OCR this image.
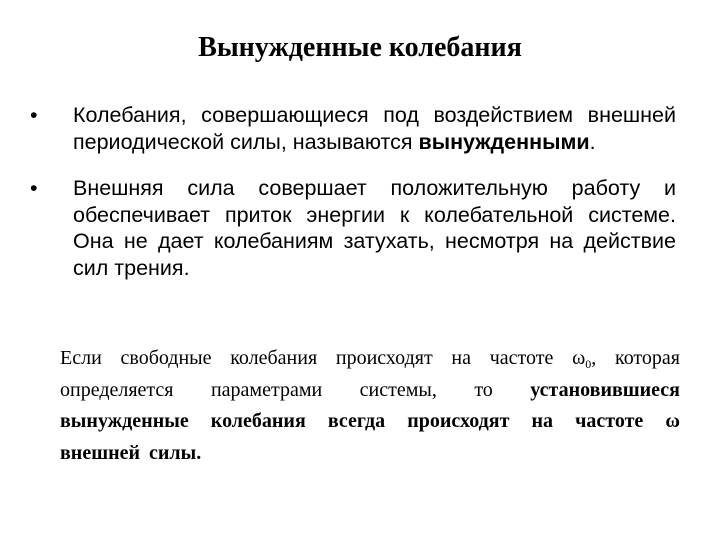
Вынужденные колебания
• Колебания, совершающиеся под воздействием внешней периодической силы, называются вынужденными.
• Внешняя сила совершает положительную работу и обеспечивает приток энергии к колебательной системе. Она не дает колебаниям затухать, несмотря на действие сил трения.

Если свободные колебания происходят на частоте $\omega_0$, которая определяется параметрами системы, то установившиеся вынужденные колебания всегда происходят на частоте ω внешней силы.
